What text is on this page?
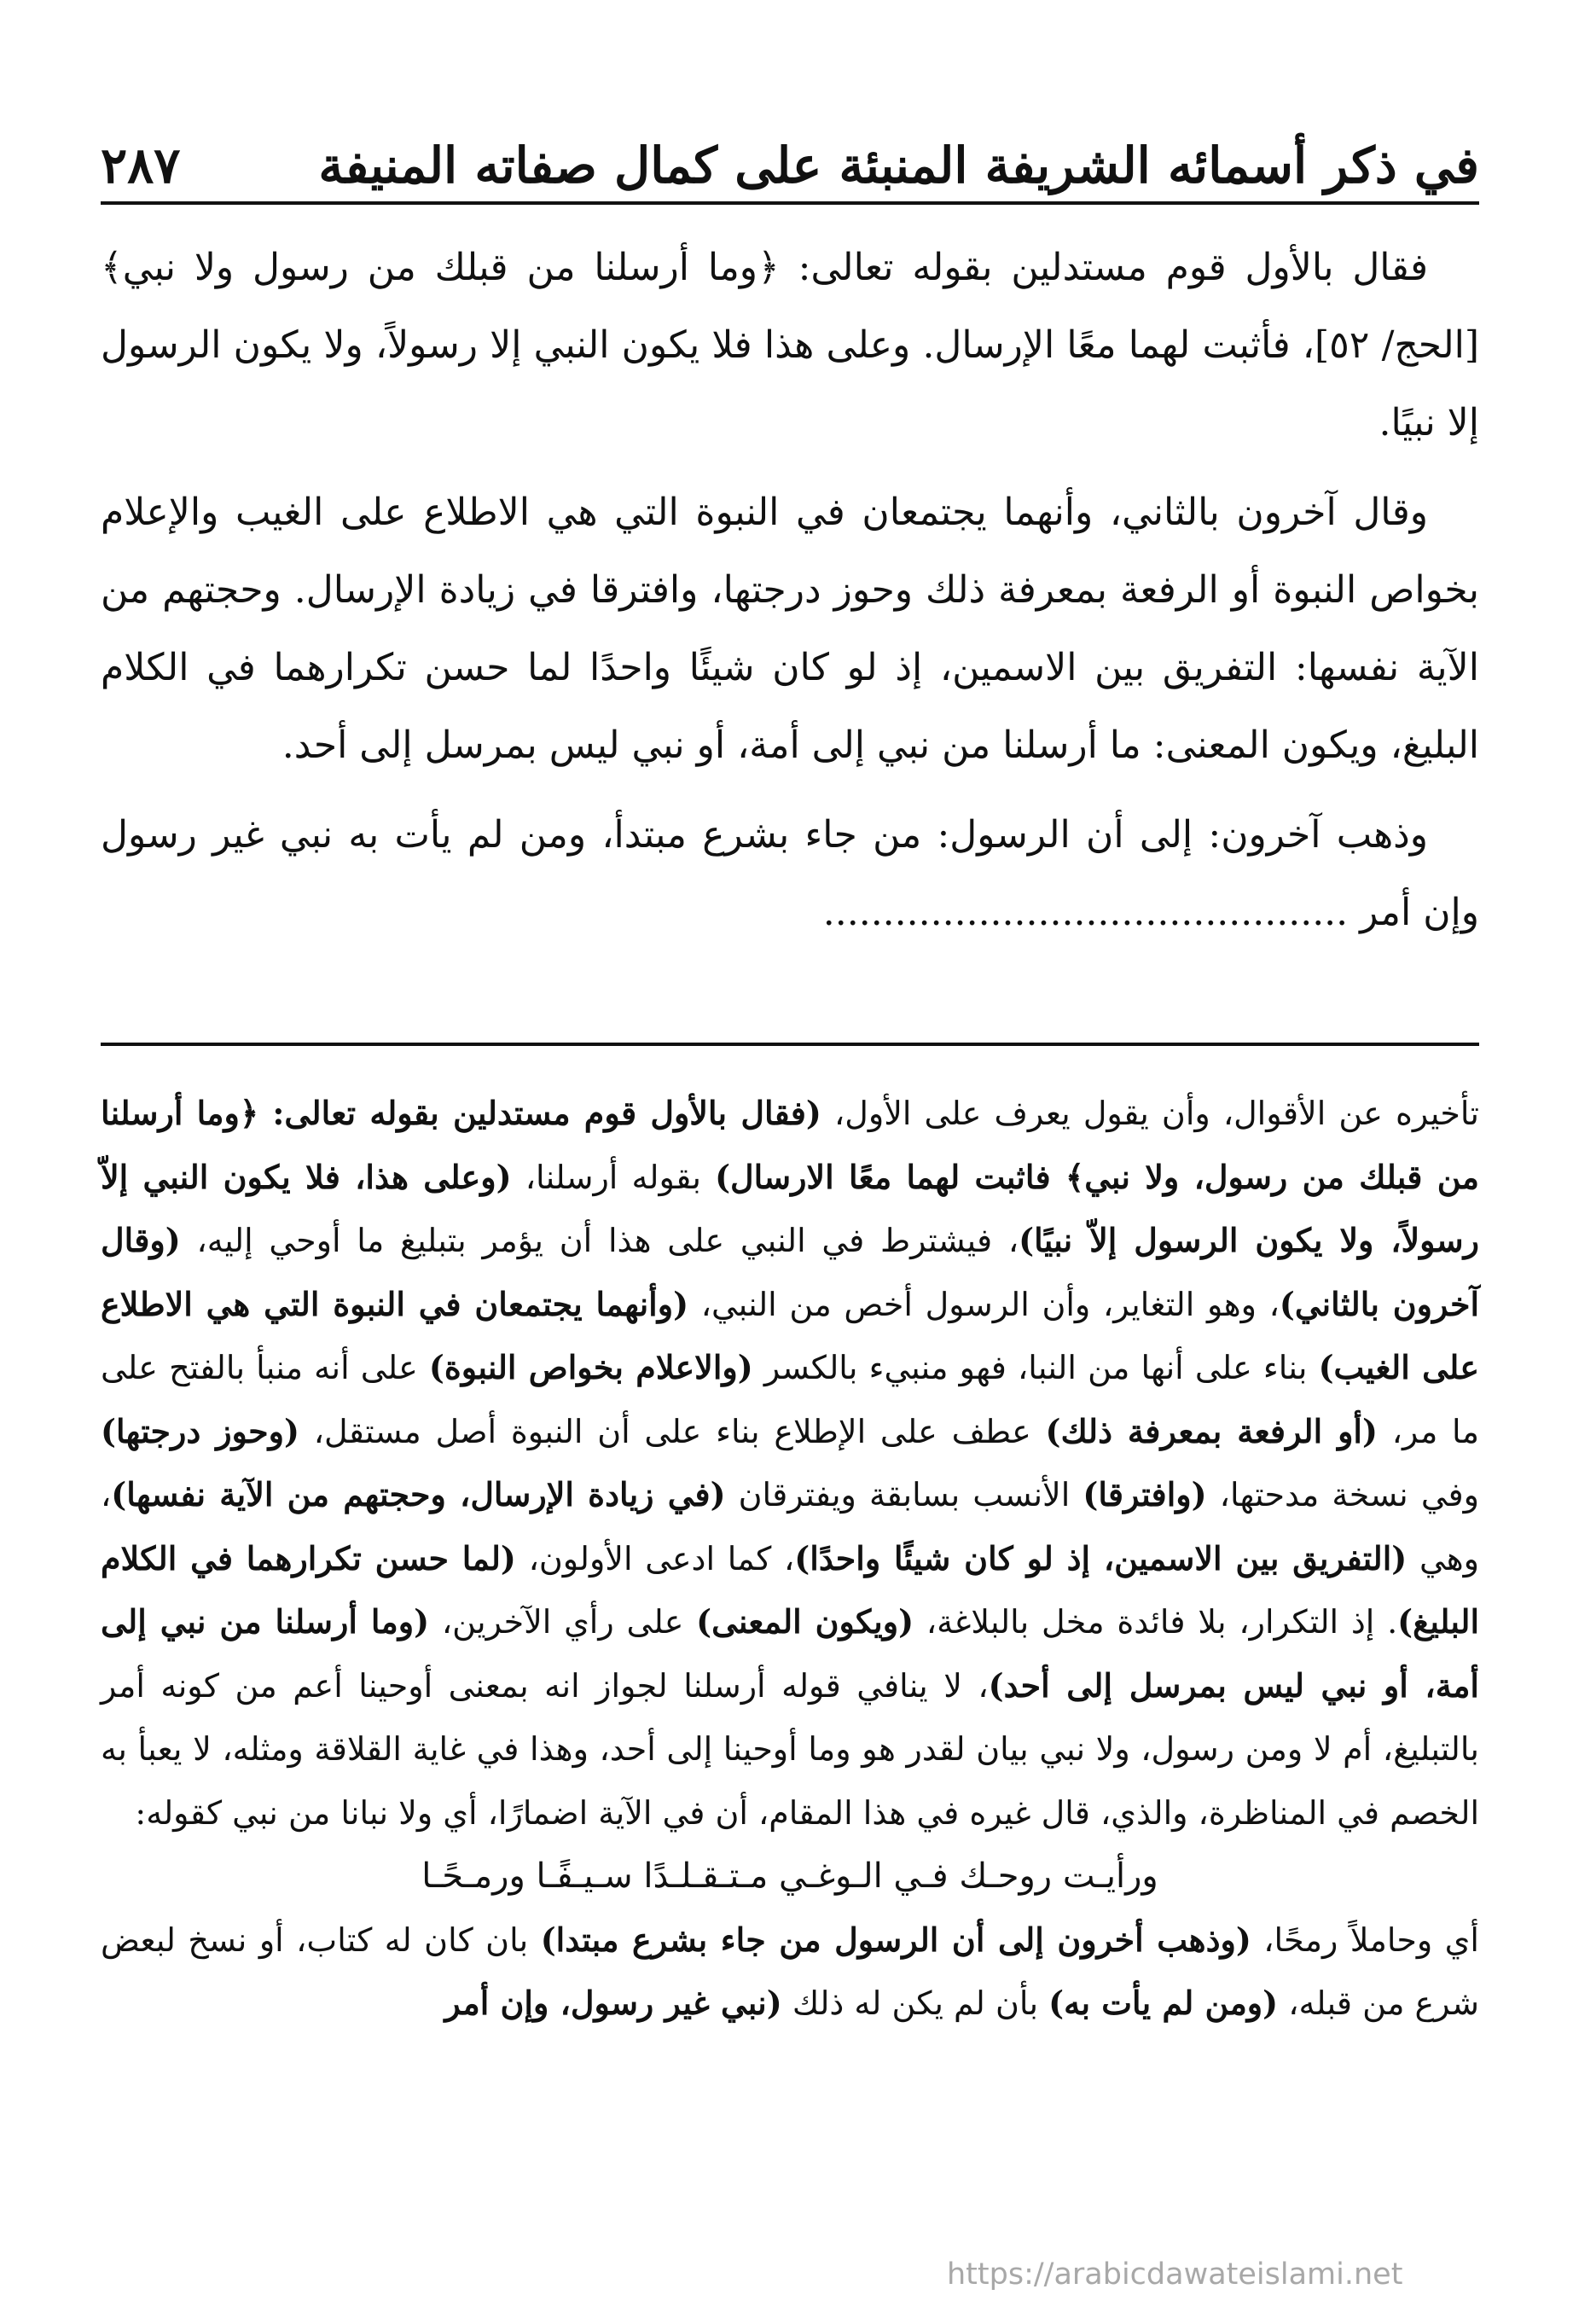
في ذكر أسمائه الشريفة المنبئة على كمال صفاته المنيفة
٢٨٧

فقال بالأول قوم مستدلين بقوله تعالى: ﴿وما أرسلنا من قبلك من رسول ولا نبي﴾ [الحج/ ٥٢]، فأثبت لهما معًا الإرسال. وعلى هذا فلا يكون النبي إلا رسولاً، ولا يكون الرسول إلا نبيًا.

وقال آخرون بالثاني، وأنهما يجتمعان في النبوة التي هي الاطلاع على الغيب والإعلام بخواص النبوة أو الرفعة بمعرفة ذلك وحوز درجتها، وافترقا في زيادة الإرسال. وحجتهم من الآية نفسها: التفريق بين الاسمين، إذ لو كان شيئًا واحدًا لما حسن تكرارهما في الكلام البليغ، ويكون المعنى: ما أرسلنا من نبي إلى أمة، أو نبي ليس بمرسل إلى أحد.

وذهب آخرون: إلى أن الرسول: من جاء بشرع مبتدأ، ومن لم يأت به نبي غير رسول وإن أمر ............................................

تأخيره عن الأقوال، وأن يقول يعرف على الأول، (فقال بالأول قوم مستدلين بقوله تعالى: ﴿وما أرسلنا من قبلك من رسول، ولا نبي﴾ فاثبت لهما معًا الارسال) بقوله أرسلنا، (وعلى هذا، فلا يكون النبي إلاّ رسولاً، ولا يكون الرسول إلاّ نبيًا)، فيشترط في النبي على هذا أن يؤمر بتبليغ ما أوحي إليه، (وقال آخرون بالثاني)، وهو التغاير، وأن الرسول أخص من النبي، (وأنهما يجتمعان في النبوة التي هي الاطلاع على الغيب) بناء على أنها من النبا، فهو منبيء بالكسر (والاعلام بخواص النبوة) على أنه منبأ بالفتح على ما مر، (أو الرفعة بمعرفة ذلك) عطف على الإطلاع بناء على أن النبوة أصل مستقل، (وحوز درجتها) وفي نسخة مدحتها، (وافترقا) الأنسب بسابقة ويفترقان (في زيادة الإرسال، وحجتهم من الآية نفسها)، وهي (التفريق بين الاسمين، إذ لو كان شيئًا واحدًا)، كما ادعى الأولون، (لما حسن تكرارهما في الكلام البليغ). إذ التكرار، بلا فائدة مخل بالبلاغة، (ويكون المعنى) على رأي الآخرين، (وما أرسلنا من نبي إلى أمة، أو نبي ليس بمرسل إلى أحد)، لا ينافي قوله أرسلنا لجواز انه بمعنى أوحينا أعم من كونه أمر بالتبليغ، أم لا ومن رسول، ولا نبي بيان لقدر هو وما أوحينا إلى أحد، وهذا في غاية القلاقة ومثله، لا يعبأ به الخصم في المناظرة، والذي، قال غيره في هذا المقام، أن في الآية اضمارًا، أي ولا نبانا من نبي كقوله:

ورأيـت روحـك فـي الـوغـي مـتـقـلـدًا سـيـفًـا ورمـحًـا

أي وحاملاً رمحًا، (وذهب أخرون إلى أن الرسول من جاء بشرع مبتدا) بان كان له كتاب، أو نسخ لبعض شرع من قبله، (ومن لم يأت به) بأن لم يكن له ذلك (نبي غير رسول، وإن أمر

https://arabicdawateislami.net
